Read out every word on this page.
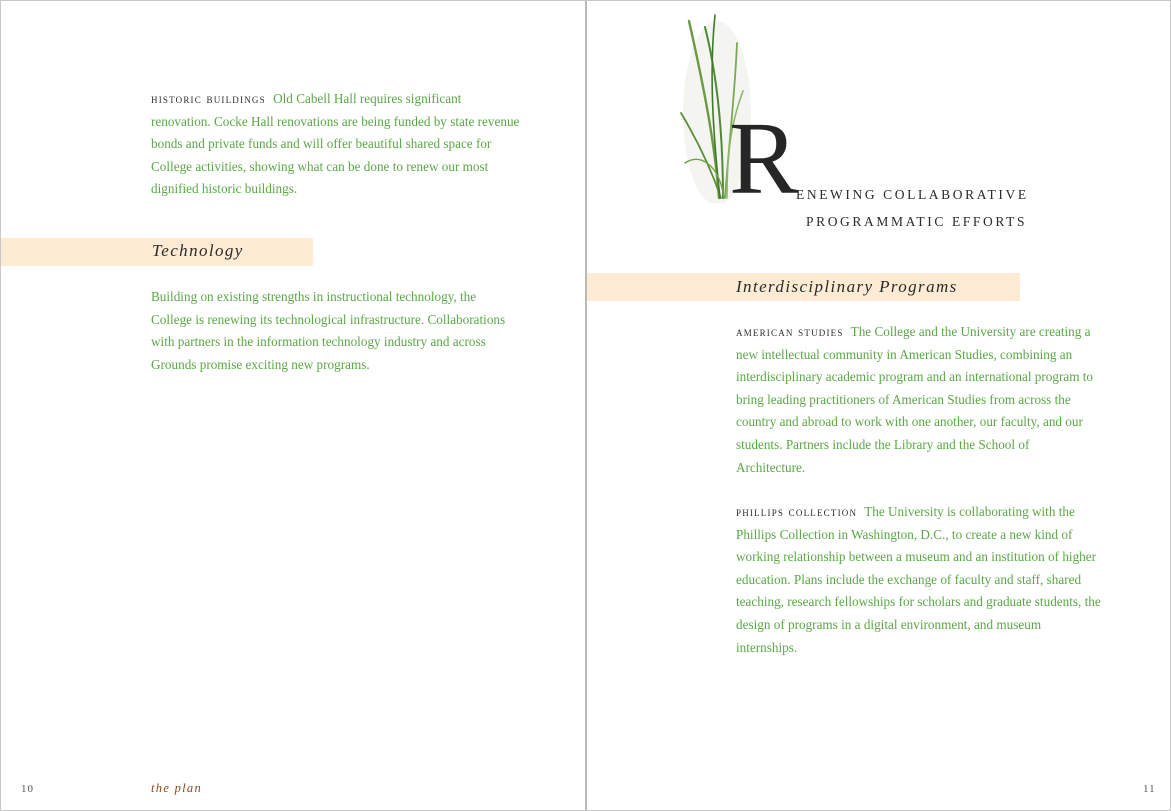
historic buildings Old Cabell Hall requires significant renovation. Cocke Hall renovations are being funded by state revenue bonds and private funds and will offer beautiful shared space for College activities, showing what can be done to renew our most dignified historic buildings.

Technology

Building on existing strengths in instructional technology, the College is renewing its technological infrastructure. Collaborations with partners in the information technology industry and across Grounds promise exciting new programs.

10	the plan
R
ENEWING COLLABORATIVE
PROGRAMMATIC EFFORTS
Interdisciplinary Programs

american studies The College and the University are creating a new intellectual community in American Studies, combining an interdisciplinary academic program and an international program to bring leading practitioners of American Studies from across the country and abroad to work with one another, our faculty, and our students. Partners include the Library and the School of Architecture.

phillips collection The University is collaborating with the Phillips Collection in Washington, D.C., to create a new kind of working relationship between a museum and an institution of higher education. Plans include the exchange of faculty and staff, shared teaching, research fellowships for scholars and graduate students, the design of programs in a digital environment, and museum internships.

11
